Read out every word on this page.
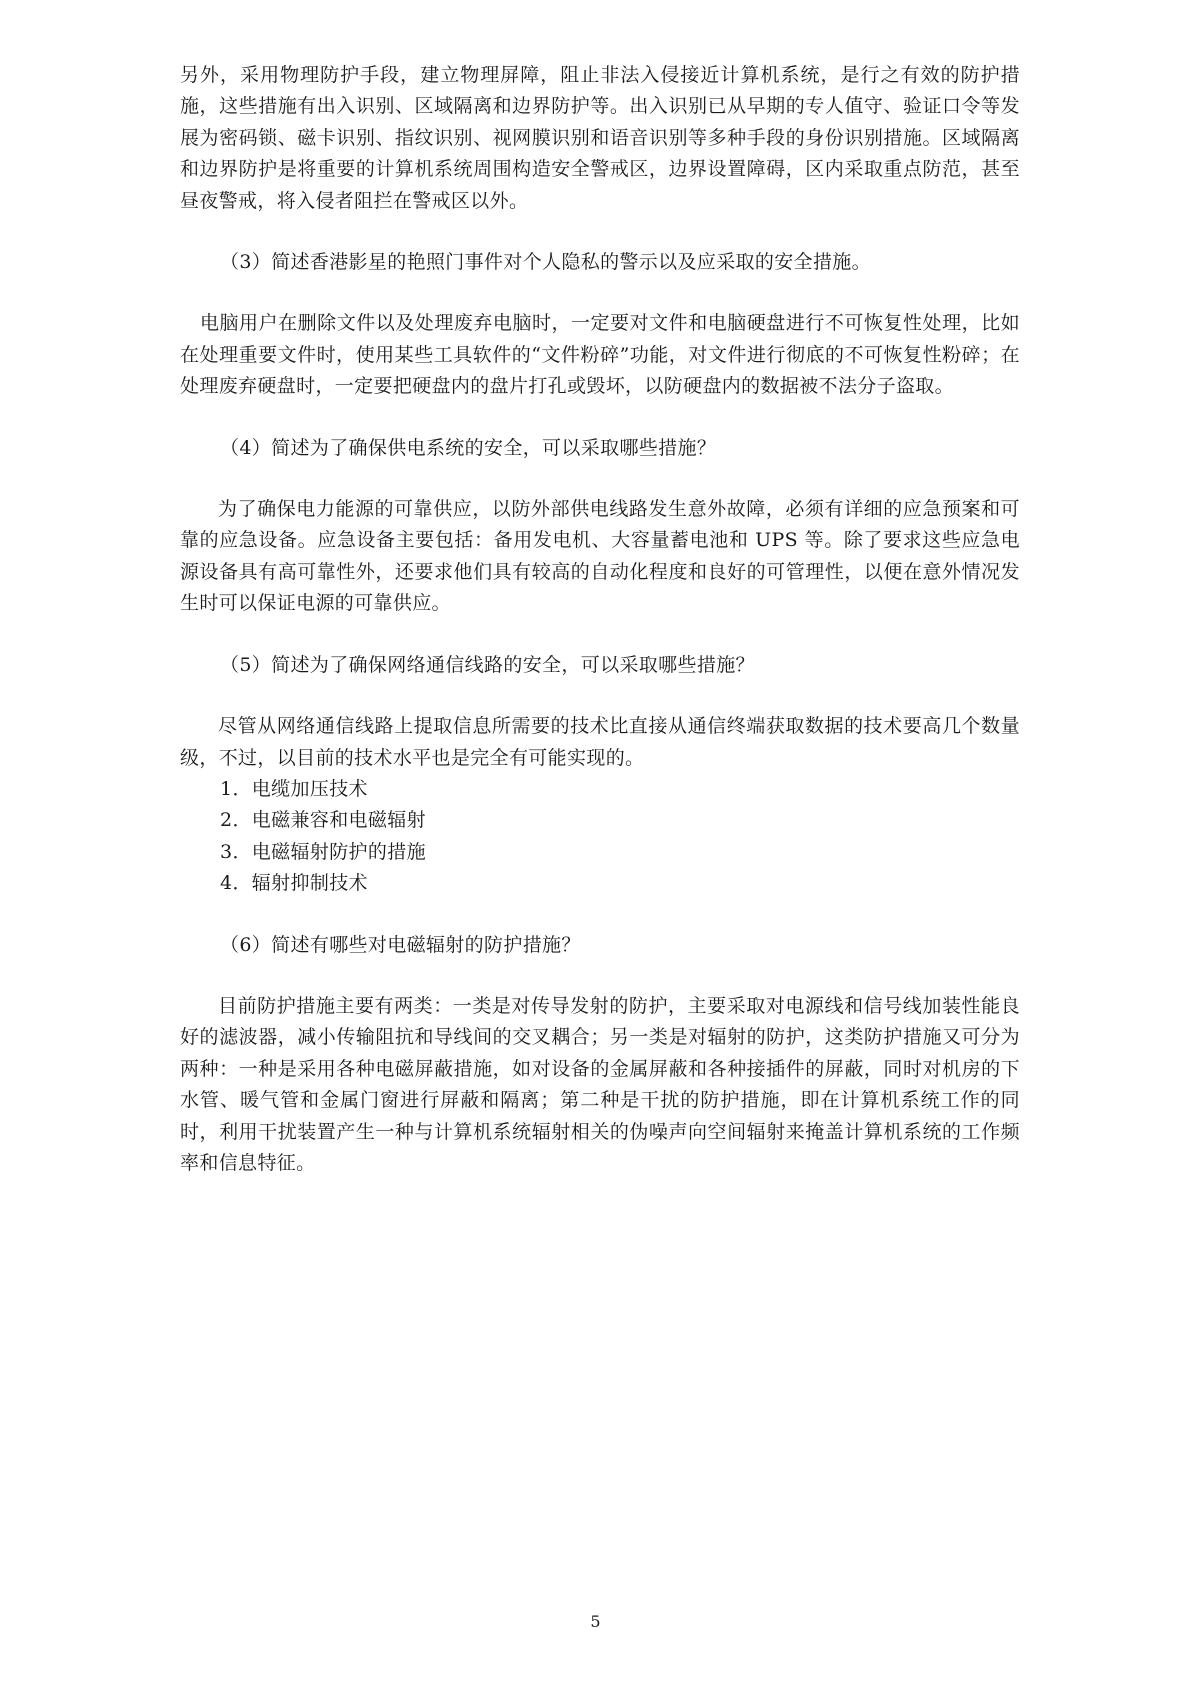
另外，采用物理防护手段，建立物理屏障，阻止非法入侵接近计算机系统，是行之有效的防护措施，这些措施有出入识别、区域隔离和边界防护等。出入识别已从早期的专人值守、验证口令等发展为密码锁、磁卡识别、指纹识别、视网膜识别和语音识别等多种手段的身份识别措施。区域隔离和边界防护是将重要的计算机系统周围构造安全警戒区，边界设置障碍，区内采取重点防范，甚至昼夜警戒，将入侵者阻拦在警戒区以外。

（3）简述香港影星的艳照门事件对个人隐私的警示以及应采取的安全措施。

电脑用户在删除文件以及处理废弃电脑时，一定要对文件和电脑硬盘进行不可恢复性处理，比如在处理重要文件时，使用某些工具软件的“文件粉碎”功能，对文件进行彻底的不可恢复性粉碎；在处理废弃硬盘时，一定要把硬盘内的盘片打孔或毁坏，以防硬盘内的数据被不法分子盗取。

（4）简述为了确保供电系统的安全，可以采取哪些措施？

为了确保电力能源的可靠供应，以防外部供电线路发生意外故障，必须有详细的应急预案和可靠的应急设备。应急设备主要包括：备用发电机、大容量蓄电池和 UPS 等。除了要求这些应急电源设备具有高可靠性外，还要求他们具有较高的自动化程度和良好的可管理性，以便在意外情况发生时可以保证电源的可靠供应。

（5）简述为了确保网络通信线路的安全，可以采取哪些措施？

尽管从网络通信线路上提取信息所需要的技术比直接从通信终端获取数据的技术要高几个数量级，不过，以目前的技术水平也是完全有可能实现的。

1．电缆加压技术
2．电磁兼容和电磁辐射
3．电磁辐射防护的措施
4．辐射抑制技术

（6）简述有哪些对电磁辐射的防护措施？

目前防护措施主要有两类：一类是对传导发射的防护，主要采取对电源线和信号线加装性能良好的滤波器，减小传输阻抗和导线间的交叉耦合；另一类是对辐射的防护，这类防护措施又可分为两种：一种是采用各种电磁屏蔽措施，如对设备的金属屏蔽和各种接插件的屏蔽，同时对机房的下水管、暖气管和金属门窗进行屏蔽和隔离；第二种是干扰的防护措施，即在计算机系统工作的同时，利用干扰装置产生一种与计算机系统辐射相关的伪噪声向空间辐射来掩盖计算机系统的工作频率和信息特征。

5
